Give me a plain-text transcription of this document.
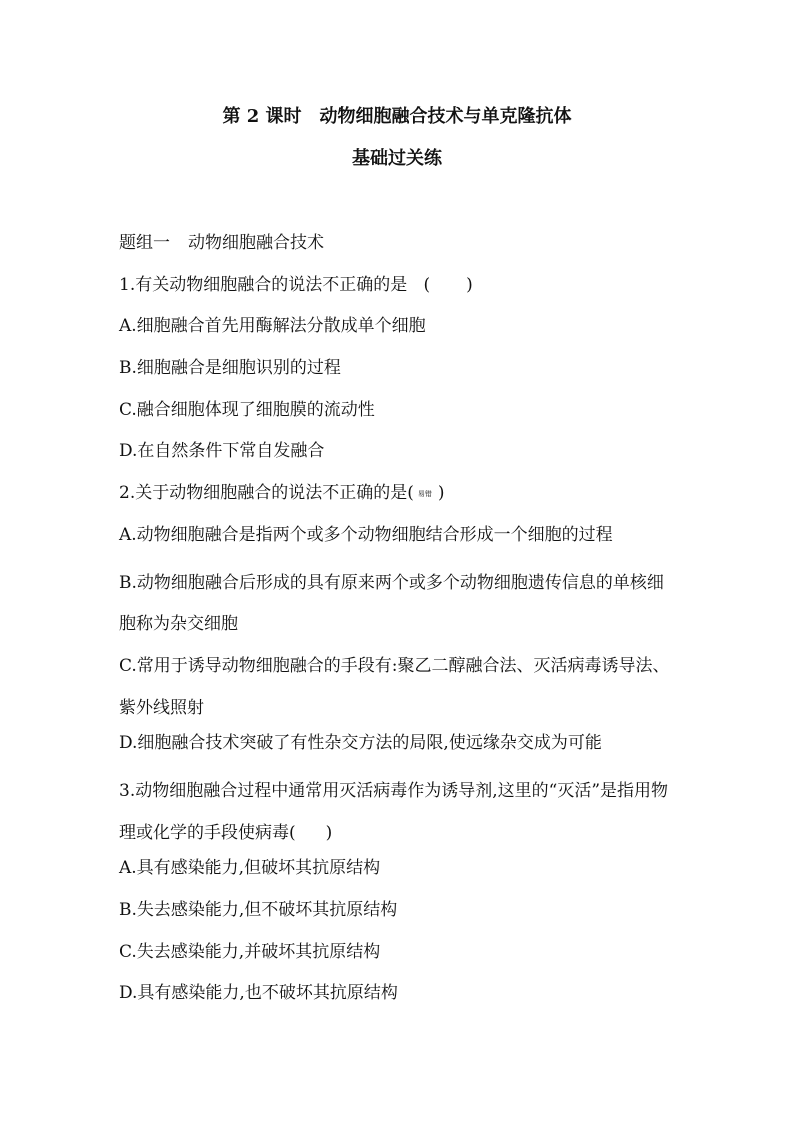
第 2 课时 动物细胞融合技术与单克隆抗体
基础过关练
题组一 动物细胞融合技术
1.有关动物细胞融合的说法不正确的是 ( )
A.细胞融合首先用酶解法分散成单个细胞
B.细胞融合是细胞识别的过程
C.融合细胞体现了细胞膜的流动性
D.在自然条件下常自发融合
2.关于动物细胞融合的说法不正确的是( 易错 )
A.动物细胞融合是指两个或多个动物细胞结合形成一个细胞的过程
B.动物细胞融合后形成的具有原来两个或多个动物细胞遗传信息的单核细胞称为杂交细胞
C.常用于诱导动物细胞融合的手段有:聚乙二醇融合法、灭活病毒诱导法、紫外线照射
D.细胞融合技术突破了有性杂交方法的局限,使远缘杂交成为可能
3.动物细胞融合过程中通常用灭活病毒作为诱导剂,这里的“灭活”是指用物理或化学的手段使病毒( )
A.具有感染能力,但破坏其抗原结构
B.失去感染能力,但不破坏其抗原结构
C.失去感染能力,并破坏其抗原结构
D.具有感染能力,也不破坏其抗原结构
